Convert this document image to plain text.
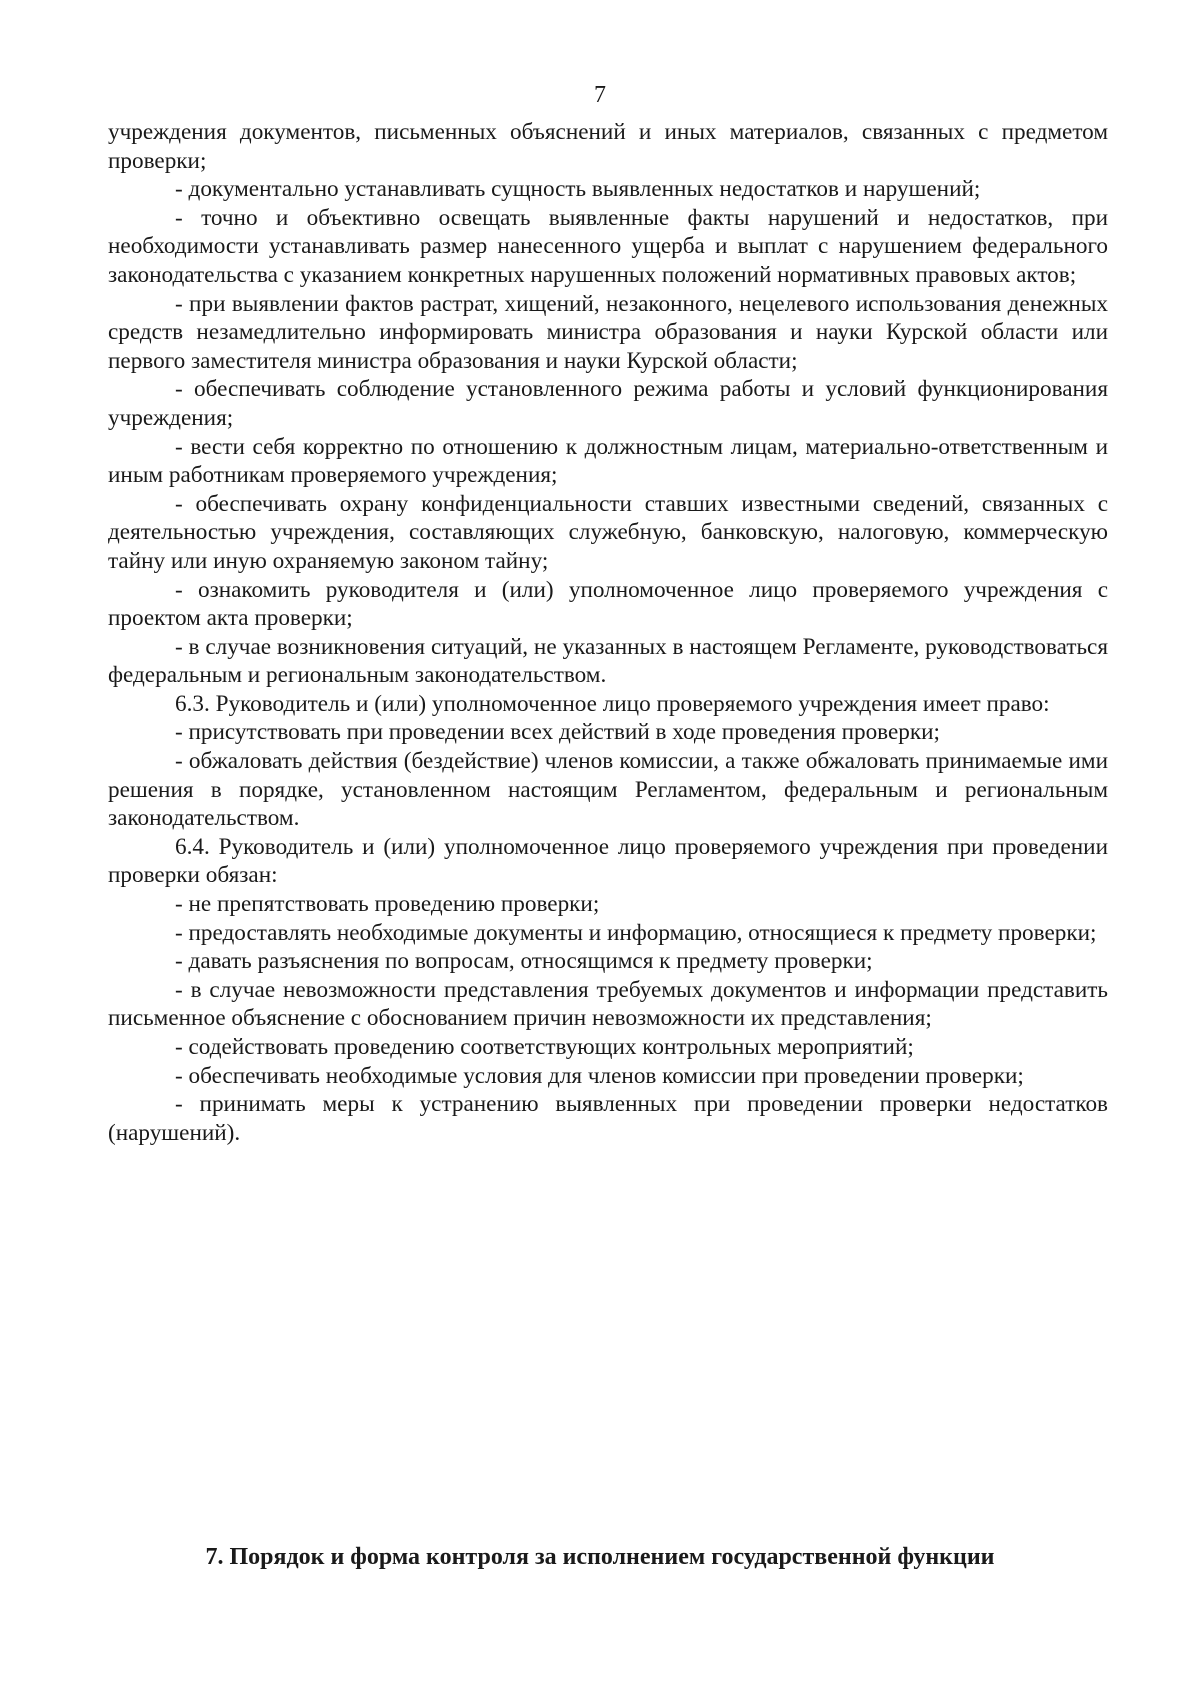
7

учреждения документов, письменных объяснений и иных материалов, связанных с предметом проверки;

- документально устанавливать сущность выявленных недостатков и нарушений;

- точно и объективно освещать выявленные факты нарушений и недостатков, при необходимости устанавливать размер нанесенного ущерба и выплат с нарушением федерального законодательства с указанием конкретных нарушенных положений нормативных правовых актов;

- при выявлении фактов растрат, хищений, незаконного, нецелевого использования денежных средств незамедлительно информировать министра образования и науки Курской области или первого заместителя министра образования и науки Курской области;

- обеспечивать соблюдение установленного режима работы и условий функционирования учреждения;

- вести себя корректно по отношению к должностным лицам, материально-ответственным и иным работникам проверяемого учреждения;

- обеспечивать охрану конфиденциальности ставших известными сведений, связанных с деятельностью учреждения, составляющих служебную, банковскую, налоговую, коммерческую тайну или иную охраняемую законом тайну;

- ознакомить руководителя и (или) уполномоченное лицо проверяемого учреждения с проектом акта проверки;

- в случае возникновения ситуаций, не указанных в настоящем Регламенте, руководствоваться федеральным и региональным законодательством.

6.3. Руководитель и (или) уполномоченное лицо проверяемого учреждения имеет право:

- присутствовать при проведении всех действий в ходе проведения проверки;

- обжаловать действия (бездействие) членов комиссии, а также обжаловать принимаемые ими решения в порядке, установленном настоящим Регламентом, федеральным и региональным законодательством.

6.4. Руководитель и (или) уполномоченное лицо проверяемого учреждения при проведении проверки обязан:

- не препятствовать проведению проверки;

- предоставлять необходимые документы и информацию, относящиеся к предмету проверки;

- давать разъяснения по вопросам, относящимся к предмету проверки;

- в случае невозможности представления требуемых документов и информации представить письменное объяснение с обоснованием причин невозможности их представления;

- содействовать проведению соответствующих контрольных мероприятий;

- обеспечивать необходимые условия для членов комиссии при проведении проверки;

- принимать меры к устранению выявленных при проведении проверки недостатков (нарушений).

7. Порядок и форма контроля за исполнением государственной функции
